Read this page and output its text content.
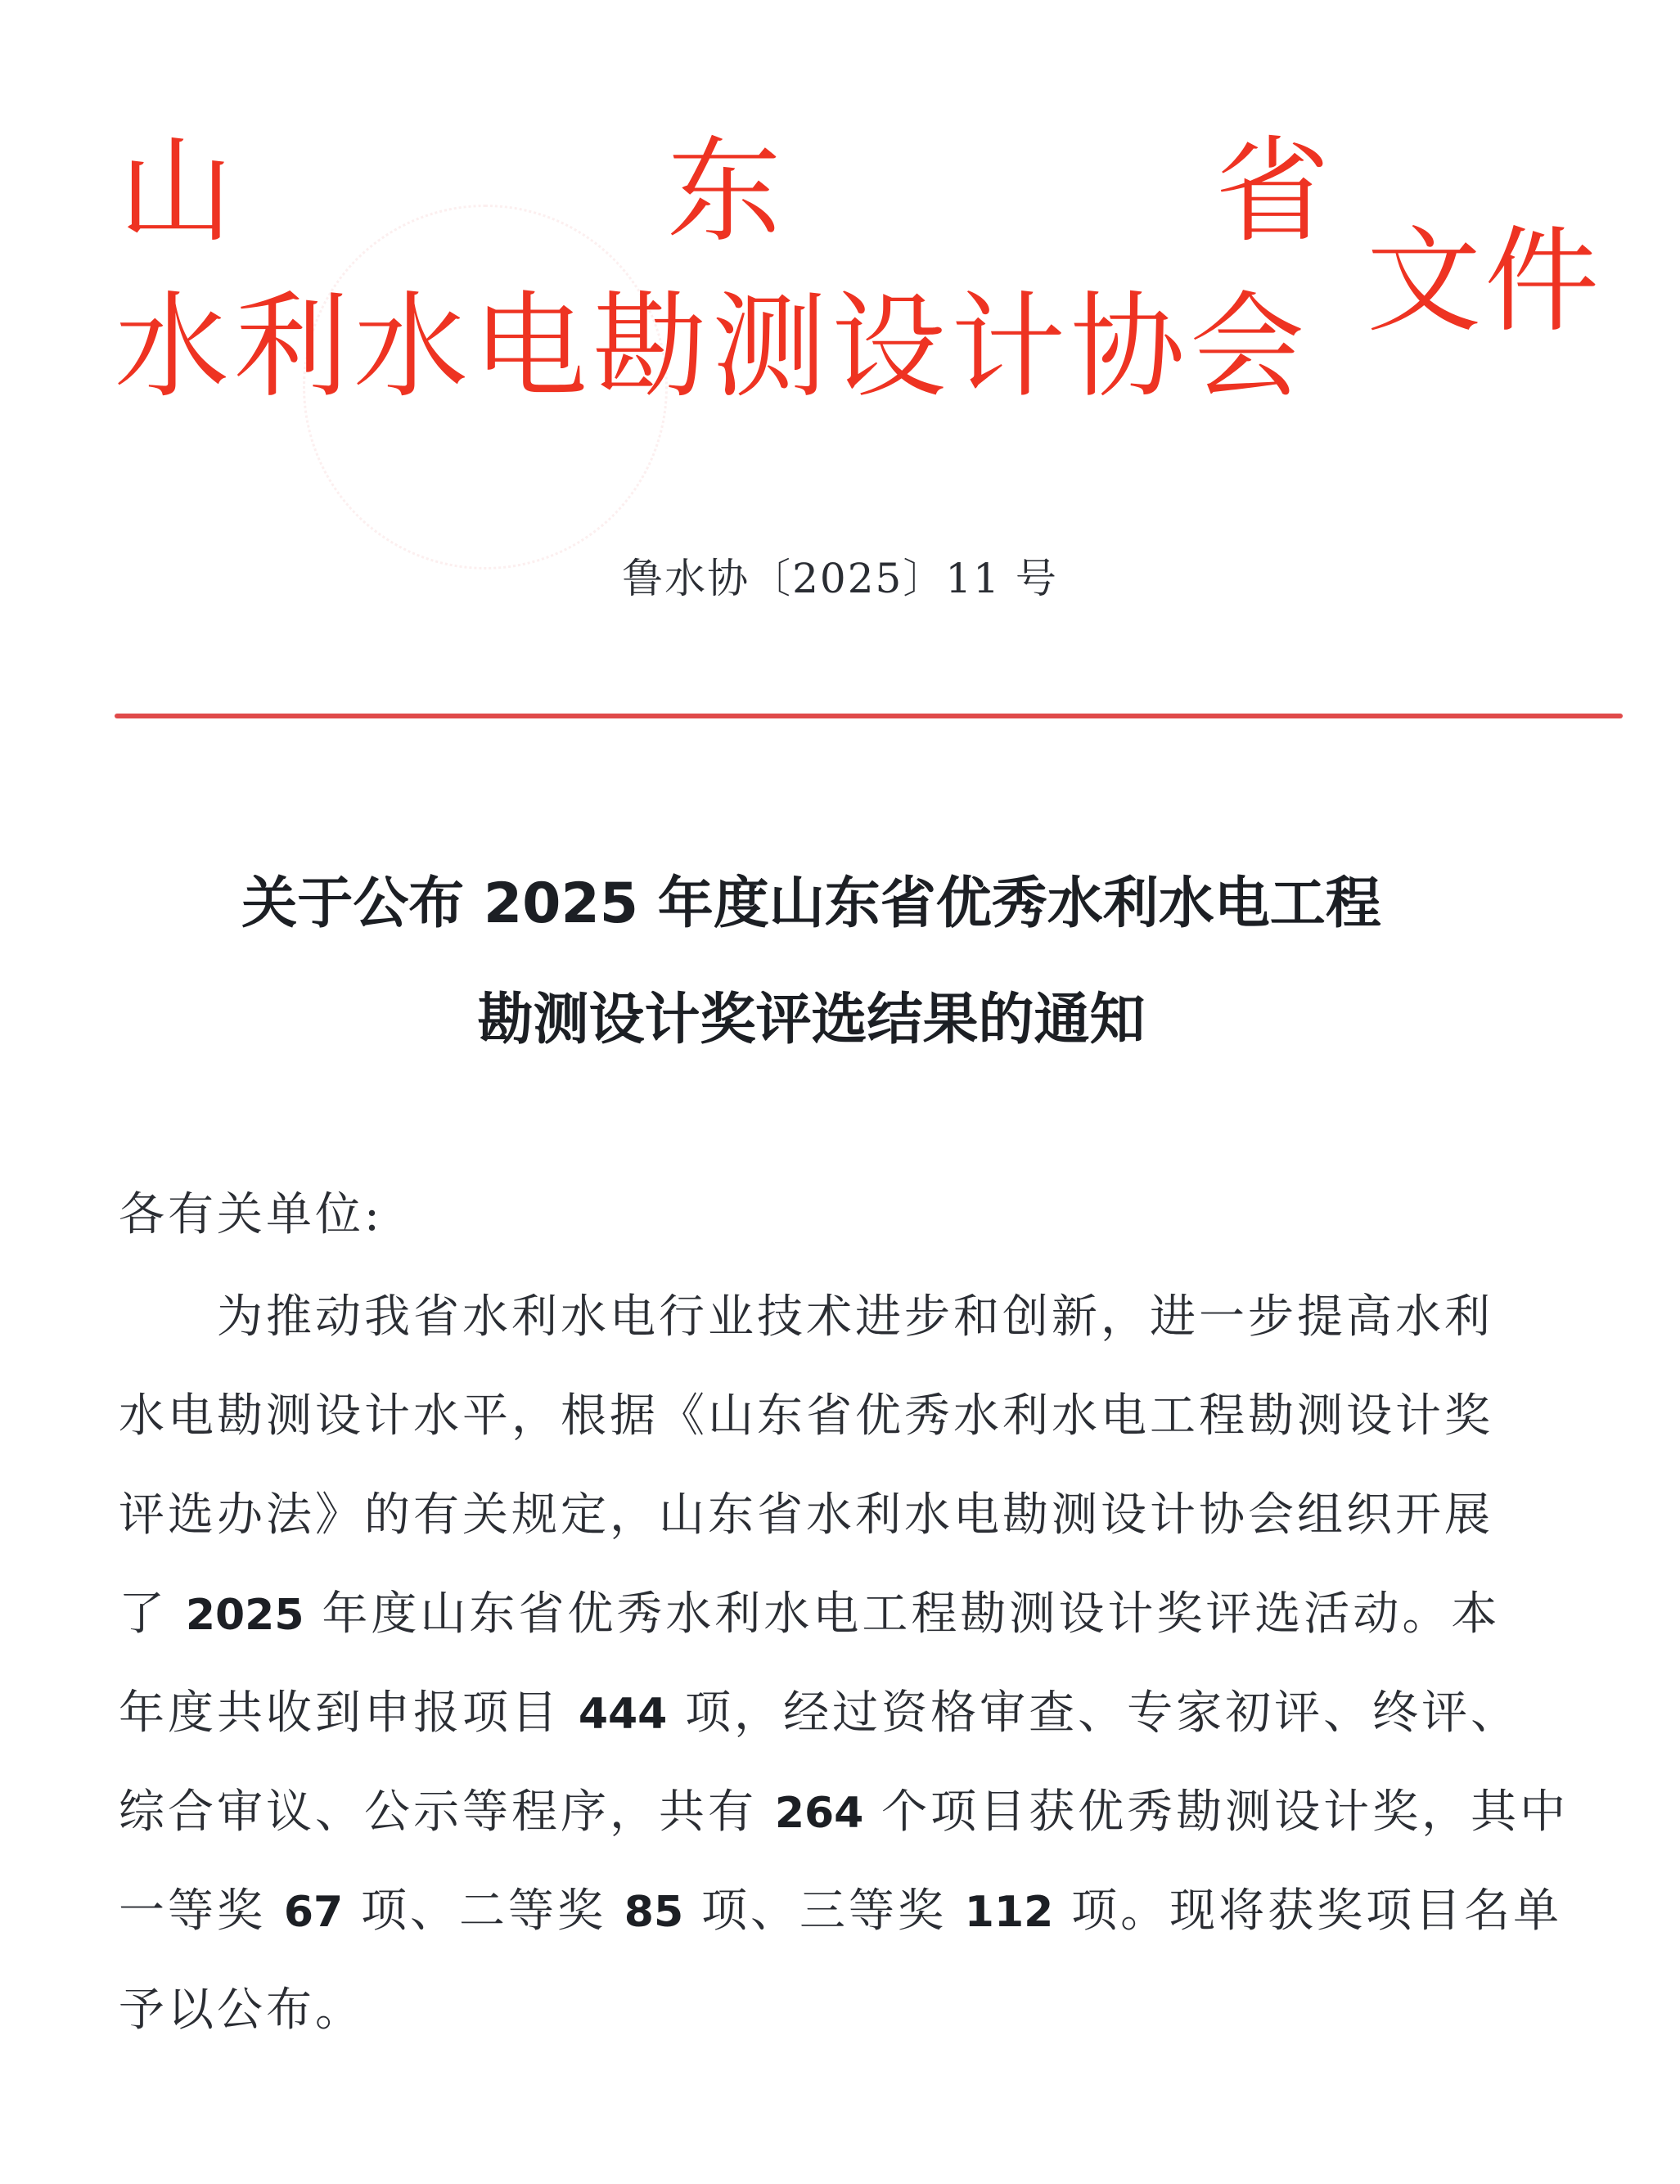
山	东	省
水利水电勘测设计协会 文件
鲁水协〔2025〕11 号
关于公布 2025 年度山东省优秀水利水电工程
勘测设计奖评选结果的通知
各有关单位:
为推动我省水利水电行业技术进步和创新，进一步提高水利
水电勘测设计水平，根据《山东省优秀水利水电工程勘测设计奖
评选办法》的有关规定，山东省水利水电勘测设计协会组织开展
了 2025 年度山东省优秀水利水电工程勘测设计奖评选活动。本
年度共收到申报项目 444 项，经过资格审查、专家初评、终评、
综合审议、公示等程序，共有 264 个项目获优秀勘测设计奖，其中
一等奖 67 项、二等奖 85 项、三等奖 112 项。现将获奖项目名单
予以公布。
